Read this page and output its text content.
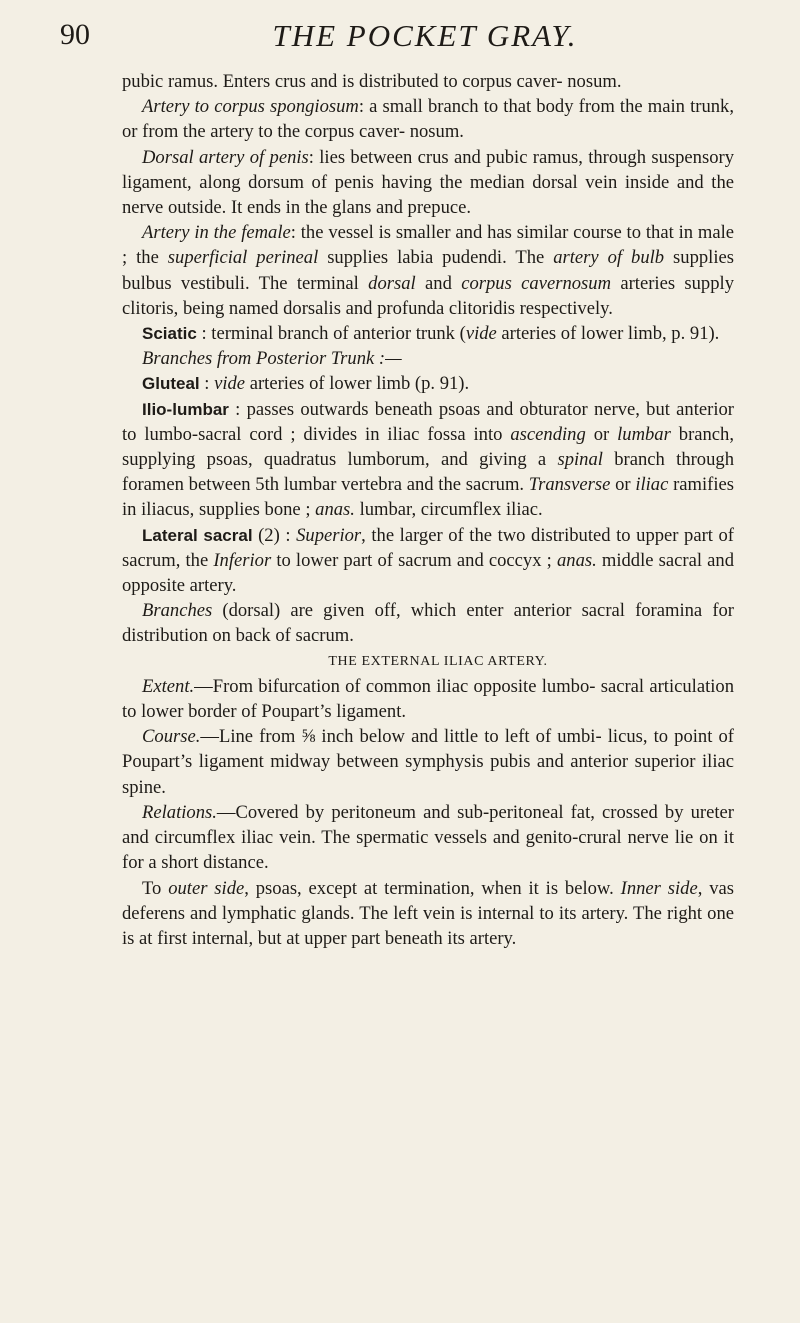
90	THE POCKET GRAY.

pubic ramus. Enters crus and is distributed to corpus caver- nosum.

Artery to corpus spongiosum: a small branch to that body from the main trunk, or from the artery to the corpus caver- nosum.

Dorsal artery of penis: lies between crus and pubic ramus, through suspensory ligament, along dorsum of penis having the median dorsal vein inside and the nerve outside. It ends in the glans and prepuce.

Artery in the female: the vessel is smaller and has similar course to that in male ; the superficial perineal supplies labia pudendi. The artery of bulb supplies bulbus vestibuli. The terminal dorsal and corpus cavernosum arteries supply clitoris, being named dorsalis and profunda clitoridis respectively.

Sciatic : terminal branch of anterior trunk (vide arteries of lower limb, p. 91).

Branches from Posterior Trunk :—

Gluteal : vide arteries of lower limb (p. 91).

Ilio-lumbar : passes outwards beneath psoas and obturator nerve, but anterior to lumbo-sacral cord ; divides in iliac fossa into ascending or lumbar branch, supplying psoas, quadratus lumborum, and giving a spinal branch through foramen between 5th lumbar vertebra and the sacrum. Transverse or iliac ramifies in iliacus, supplies bone ; anas. lumbar, circumflex iliac.

Lateral sacral (2) : Superior, the larger of the two distributed to upper part of sacrum, the Inferior to lower part of sacrum and coccyx ; anas. middle sacral and opposite artery.

Branches (dorsal) are given off, which enter anterior sacral foramina for distribution on back of sacrum.

THE EXTERNAL ILIAC ARTERY.

Extent.—From bifurcation of common iliac opposite lumbo- sacral articulation to lower border of Poupart’s ligament.

Course.—Line from ⅝ inch below and little to left of umbi- licus, to point of Poupart’s ligament midway between symphysis pubis and anterior superior iliac spine.

Relations.—Covered by peritoneum and sub-peritoneal fat, crossed by ureter and circumflex iliac vein. The spermatic vessels and genito-crural nerve lie on it for a short distance.

To outer side, psoas, except at termination, when it is below. Inner side, vas deferens and lymphatic glands. The left vein is internal to its artery. The right one is at first internal, but at upper part beneath its artery.
